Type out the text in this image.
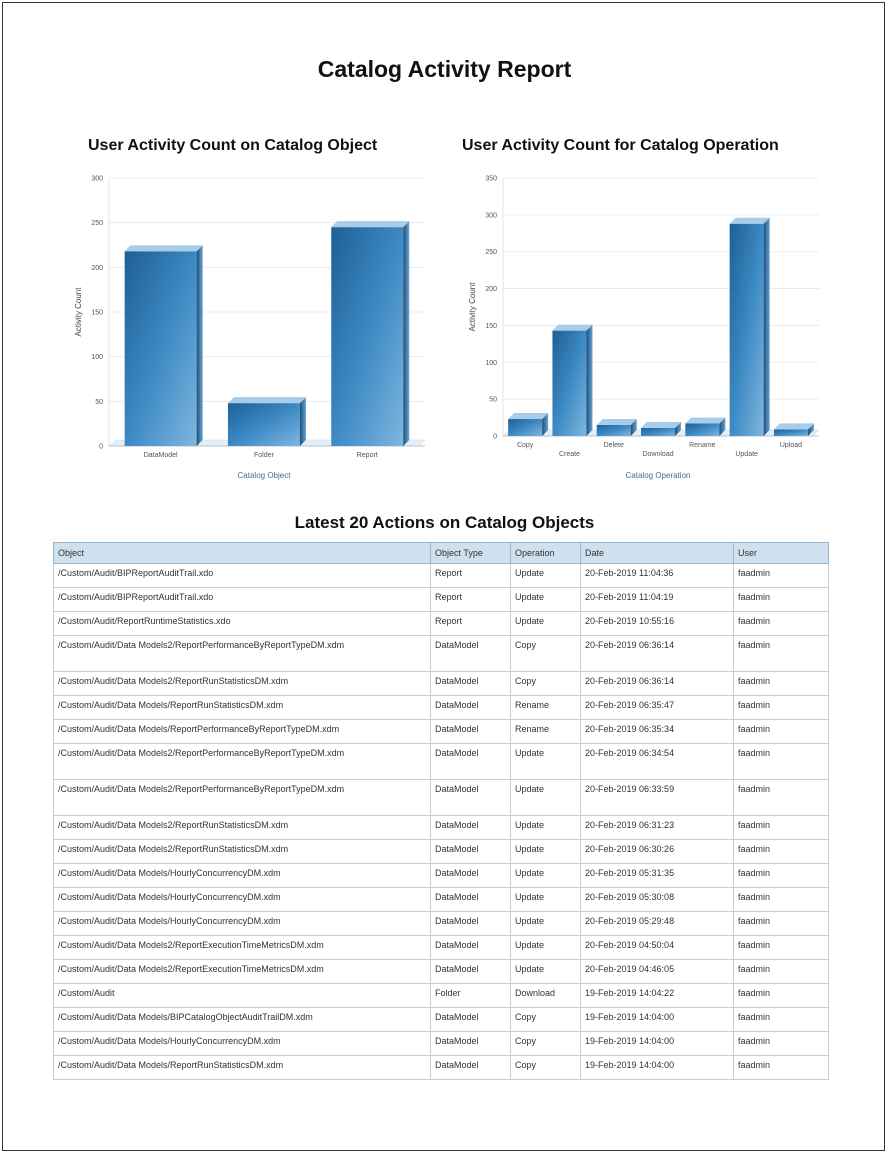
Catalog Activity Report
User Activity Count on Catalog Object	User Activity Count for Catalog Operation
0
50
100
150
200
250
300
DataModel	Folder	Report
Catalog Object
Activity Count
0
50
100
150
200
250
300
350
Copy
Create
Delete
Download
Rename
Update
Upload
Catalog Operation
Activity Count
Latest 20 Actions on Catalog Objects
Object	Object Type	Operation	Date	User
/Custom/Audit/BIPReportAuditTrail.xdo	Report	Update	20-Feb-2019 11:04:36	faadmin
/Custom/Audit/BIPReportAuditTrail.xdo	Report	Update	20-Feb-2019 11:04:19	faadmin
/Custom/Audit/ReportRuntimeStatistics.xdo	Report	Update	20-Feb-2019 10:55:16	faadmin
/Custom/Audit/Data Models2/ReportPerformanceByReportTypeDM.xdm	DataModel	Copy	20-Feb-2019 06:36:14	faadmin
/Custom/Audit/Data Models2/ReportRunStatisticsDM.xdm	DataModel	Copy	20-Feb-2019 06:36:14	faadmin
/Custom/Audit/Data Models/ReportRunStatisticsDM.xdm	DataModel	Rename	20-Feb-2019 06:35:47	faadmin
/Custom/Audit/Data Models/ReportPerformanceByReportTypeDM.xdm	DataModel	Rename	20-Feb-2019 06:35:34	faadmin
/Custom/Audit/Data Models2/ReportPerformanceByReportTypeDM.xdm	DataModel	Update	20-Feb-2019 06:34:54	faadmin
/Custom/Audit/Data Models2/ReportPerformanceByReportTypeDM.xdm	DataModel	Update	20-Feb-2019 06:33:59	faadmin
/Custom/Audit/Data Models2/ReportRunStatisticsDM.xdm	DataModel	Update	20-Feb-2019 06:31:23	faadmin
/Custom/Audit/Data Models2/ReportRunStatisticsDM.xdm	DataModel	Update	20-Feb-2019 06:30:26	faadmin
/Custom/Audit/Data Models/HourlyConcurrencyDM.xdm	DataModel	Update	20-Feb-2019 05:31:35	faadmin
/Custom/Audit/Data Models/HourlyConcurrencyDM.xdm	DataModel	Update	20-Feb-2019 05:30:08	faadmin
/Custom/Audit/Data Models/HourlyConcurrencyDM.xdm	DataModel	Update	20-Feb-2019 05:29:48	faadmin
/Custom/Audit/Data Models2/ReportExecutionTimeMetricsDM.xdm	DataModel	Update	20-Feb-2019 04:50:04	faadmin
/Custom/Audit/Data Models2/ReportExecutionTimeMetricsDM.xdm	DataModel	Update	20-Feb-2019 04:46:05	faadmin
/Custom/Audit	Folder	Download	19-Feb-2019 14:04:22	faadmin
/Custom/Audit/Data Models/BIPCatalogObjectAuditTrailDM.xdm	DataModel	Copy	19-Feb-2019 14:04:00	faadmin
/Custom/Audit/Data Models/HourlyConcurrencyDM.xdm	DataModel	Copy	19-Feb-2019 14:04:00	faadmin
/Custom/Audit/Data Models/ReportRunStatisticsDM.xdm	DataModel	Copy	19-Feb-2019 14:04:00	faadmin
